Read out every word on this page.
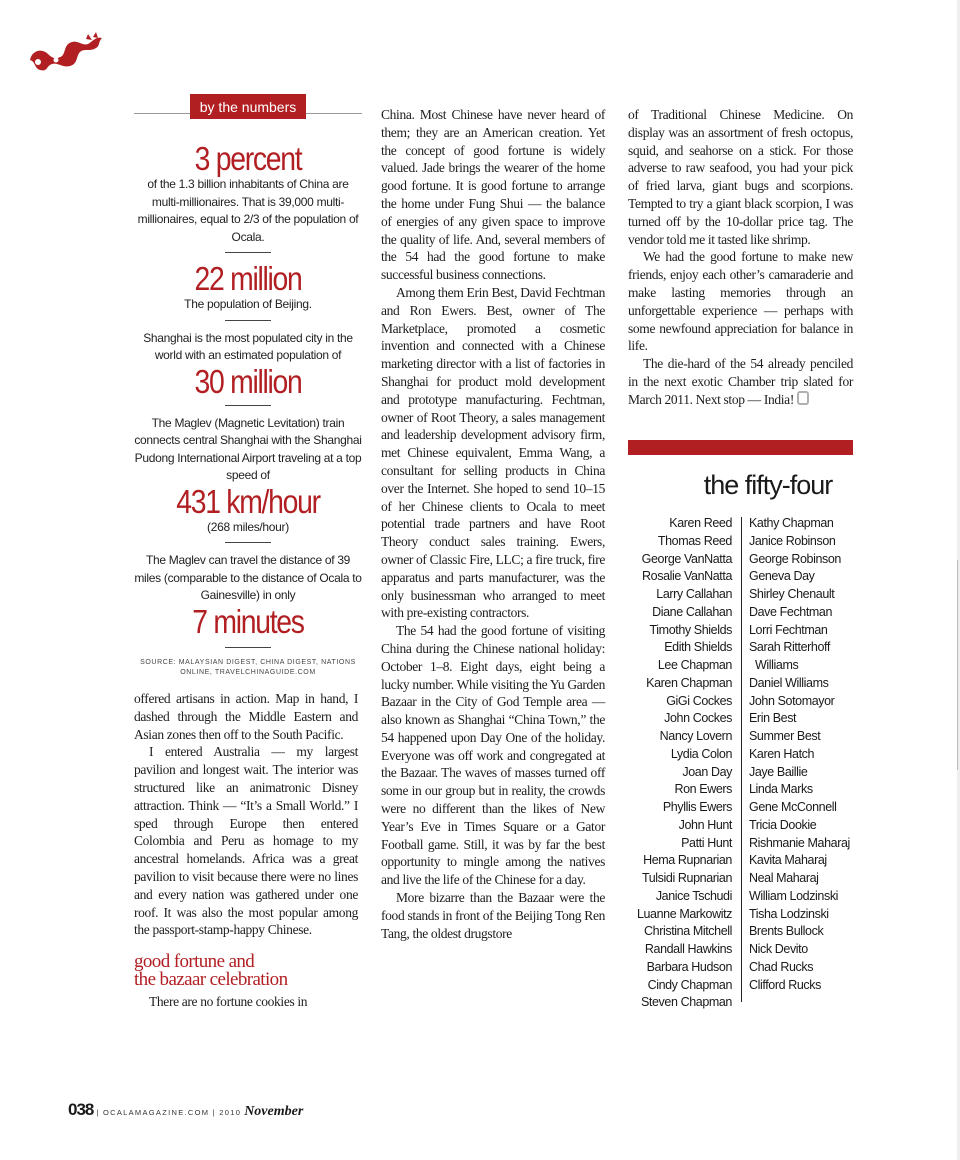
by the numbers
3 percent
of the 1.3 billion inhabitants of China are multi-millionaires. That is 39,000 multi-millionaires, equal to 2/3 of the population of Ocala.
22 million
The population of Beijing.
Shanghai is the most populated city in the world with an estimated population of
30 million
The Maglev (Magnetic Levitation) train connects central Shanghai with the Shanghai Pudong International Airport traveling at a top speed of
431 km/hour
(268 miles/hour)
The Maglev can travel the distance of 39 miles (comparable to the distance of Ocala to Gainesville) in only
7 minutes
SOURCE: MALAYSIAN DIGEST, CHINA DIGEST, NATIONS ONLINE, TRAVELCHINAGUIDE.COM

offered artisans in action. Map in hand, I dashed through the Middle Eastern and Asian zones then off to the South Pacific.

I entered Australia — my largest pavilion and longest wait. The interior was structured like an animatronic Disney attraction. Think — “It’s a Small World.” I sped through Europe then entered Colombia and Peru as homage to my ancestral homelands. Africa was a great pavilion to visit because there were no lines and every nation was gathered under one roof. It was also the most popular among the passport-stamp-happy Chinese.

good fortune and
the bazaar celebration

There are no fortune cookies in

China. Most Chinese have never heard of them; they are an American creation. Yet the concept of good fortune is widely valued. Jade brings the wearer of the home good fortune. It is good fortune to arrange the home under Fung Shui — the balance of energies of any given space to improve the quality of life. And, several members of the 54 had the good fortune to make successful business connections.

Among them Erin Best, David Fechtman and Ron Ewers. Best, owner of The Marketplace, promoted a cosmetic invention and connected with a Chinese marketing director with a list of factories in Shanghai for product mold development and prototype manufacturing. Fechtman, owner of Root Theory, a sales management and leadership development advisory firm, met Chinese equivalent, Emma Wang, a consultant for selling products in China over the Internet. She hoped to send 10–15 of her Chinese clients to Ocala to meet potential trade partners and have Root Theory conduct sales training. Ewers, owner of Classic Fire, LLC; a fire truck, fire apparatus and parts manufacturer, was the only businessman who arranged to meet with pre-existing contractors.

The 54 had the good fortune of visiting China during the Chinese national holiday: October 1–8. Eight days, eight being a lucky number. While visiting the Yu Garden Bazaar in the City of God Temple area — also known as Shanghai “China Town,” the 54 happened upon Day One of the holiday. Everyone was off work and congregated at the Bazaar. The waves of masses turned off some in our group but in reality, the crowds were no different than the likes of New Year’s Eve in Times Square or a Gator Football game. Still, it was by far the best opportunity to mingle among the natives and live the life of the Chinese for a day.

More bizarre than the Bazaar were the food stands in front of the Beijing Tong Ren Tang, the oldest drugstore

of Traditional Chinese Medicine. On display was an assortment of fresh octopus, squid, and seahorse on a stick. For those adverse to raw seafood, you had your pick of fried larva, giant bugs and scorpions. Tempted to try a giant black scorpion, I was turned off by the 10-dollar price tag. The vendor told me it tasted like shrimp.

We had the good fortune to make new friends, enjoy each other’s camaraderie and make lasting memories through an unforgettable experience — perhaps with some newfound appreciation for balance in life.

The die-hard of the 54 already penciled in the next exotic Chamber trip slated for March 2011. Next stop — India!

the fifty-four
Karen Reed
Thomas Reed
George VanNatta
Rosalie VanNatta
Larry Callahan
Diane Callahan
Timothy Shields
Edith Shields
Lee Chapman
Karen Chapman
GiGi Cockes
John Cockes
Nancy Lovern
Lydia Colon
Joan Day
Ron Ewers
Phyllis Ewers
John Hunt
Patti Hunt
Hema Rupnarian
Tulsidi Rupnarian
Janice Tschudi
Luanne Markowitz
Christina Mitchell
Randall Hawkins
Barbara Hudson
Cindy Chapman
Steven Chapman
Kathy Chapman
Janice Robinson
George Robinson
Geneva Day
Shirley Chenault
Dave Fechtman
Lorri Fechtman
Sarah Ritterhoff
Williams
Daniel Williams
John Sotomayor
Erin Best
Summer Best
Karen Hatch
Jaye Baillie
Linda Marks
Gene McConnell
Tricia Dookie
Rishmanie Maharaj
Kavita Maharaj
Neal Maharaj
William Lodzinski
Tisha Lodzinski
Brents Bullock
Nick Devito
Chad Rucks
Clifford Rucks
038 | OCALAMAGAZINE.COM | 2010 November
